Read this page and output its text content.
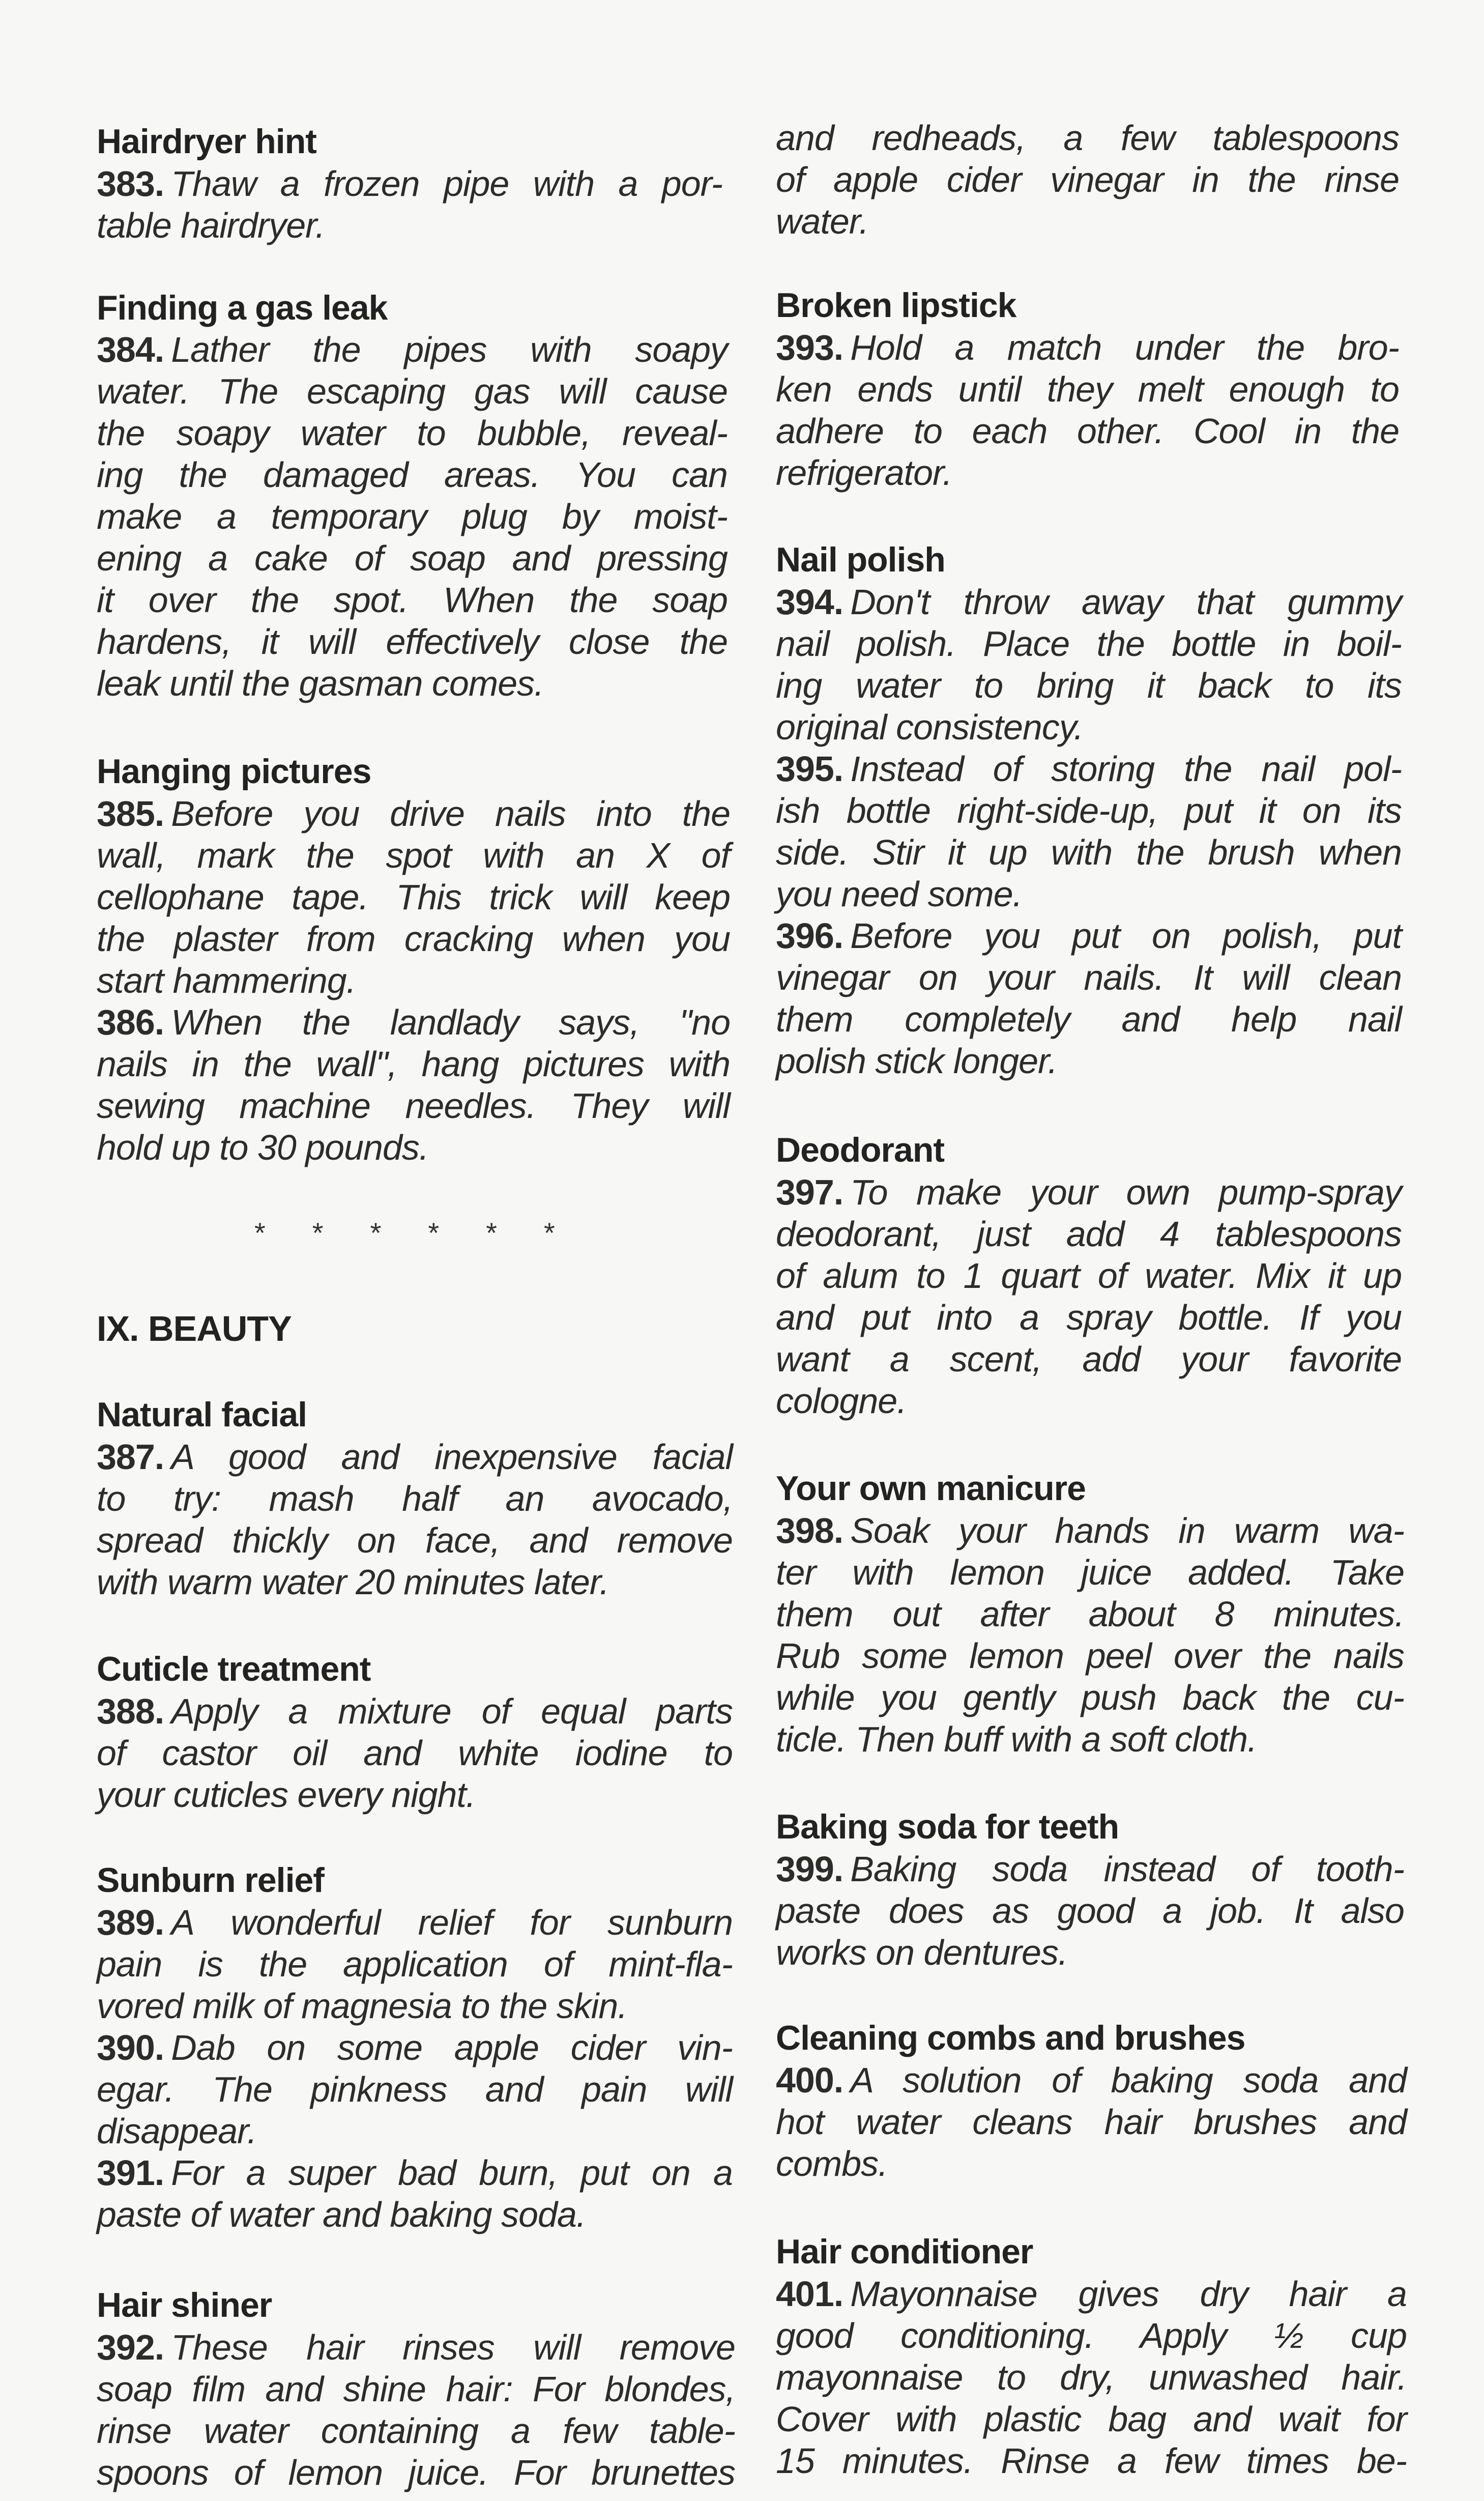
Hairdryer hint
383. Thaw a frozen pipe with a por-
table hairdryer.
Finding a gas leak
384. Lather the pipes with soapy
water. The escaping gas will cause
the soapy water to bubble, reveal-
ing the damaged areas. You can
make a temporary plug by moist-
ening a cake of soap and pressing
it over the spot. When the soap
hardens, it will effectively close the
leak until the gasman comes.
Hanging pictures
385. Before you drive nails into the
wall, mark the spot with an X of
cellophane tape. This trick will keep
the plaster from cracking when you
start hammering.
386. When the landlady says, "no
nails in the wall", hang pictures with
sewing machine needles. They will
hold up to 30 pounds.
* * * * * *
IX. BEAUTY
Natural facial
387. A good and inexpensive facial
to try: mash half an avocado,
spread thickly on face, and remove
with warm water 20 minutes later.
Cuticle treatment
388. Apply a mixture of equal parts
of castor oil and white iodine to
your cuticles every night.
Sunburn relief
389. A wonderful relief for sunburn
pain is the application of mint-fla-
vored milk of magnesia to the skin.
390. Dab on some apple cider vin-
egar. The pinkness and pain will
disappear.
391. For a super bad burn, put on a
paste of water and baking soda.
Hair shiner
392. These hair rinses will remove
soap film and shine hair: For blondes,
rinse water containing a few table-
spoons of lemon juice. For brunettes
and redheads, a few tablespoons
of apple cider vinegar in the rinse
water.
Broken lipstick
393. Hold a match under the bro-
ken ends until they melt enough to
adhere to each other. Cool in the
refrigerator.
Nail polish
394. Don't throw away that gummy
nail polish. Place the bottle in boil-
ing water to bring it back to its
original consistency.
395. Instead of storing the nail pol-
ish bottle right-side-up, put it on its
side. Stir it up with the brush when
you need some.
396. Before you put on polish, put
vinegar on your nails. It will clean
them completely and help nail
polish stick longer.
Deodorant
397. To make your own pump-spray
deodorant, just add 4 tablespoons
of alum to 1 quart of water. Mix it up
and put into a spray bottle. If you
want a scent, add your favorite
cologne.
Your own manicure
398. Soak your hands in warm wa-
ter with lemon juice added. Take
them out after about 8 minutes.
Rub some lemon peel over the nails
while you gently push back the cu-
ticle. Then buff with a soft cloth.
Baking soda for teeth
399. Baking soda instead of tooth-
paste does as good a job. It also
works on dentures.
Cleaning combs and brushes
400. A solution of baking soda and
hot water cleans hair brushes and
combs.
Hair conditioner
401. Mayonnaise gives dry hair a
good conditioning. Apply ½ cup
mayonnaise to dry, unwashed hair.
Cover with plastic bag and wait for
15 minutes. Rinse a few times be-
